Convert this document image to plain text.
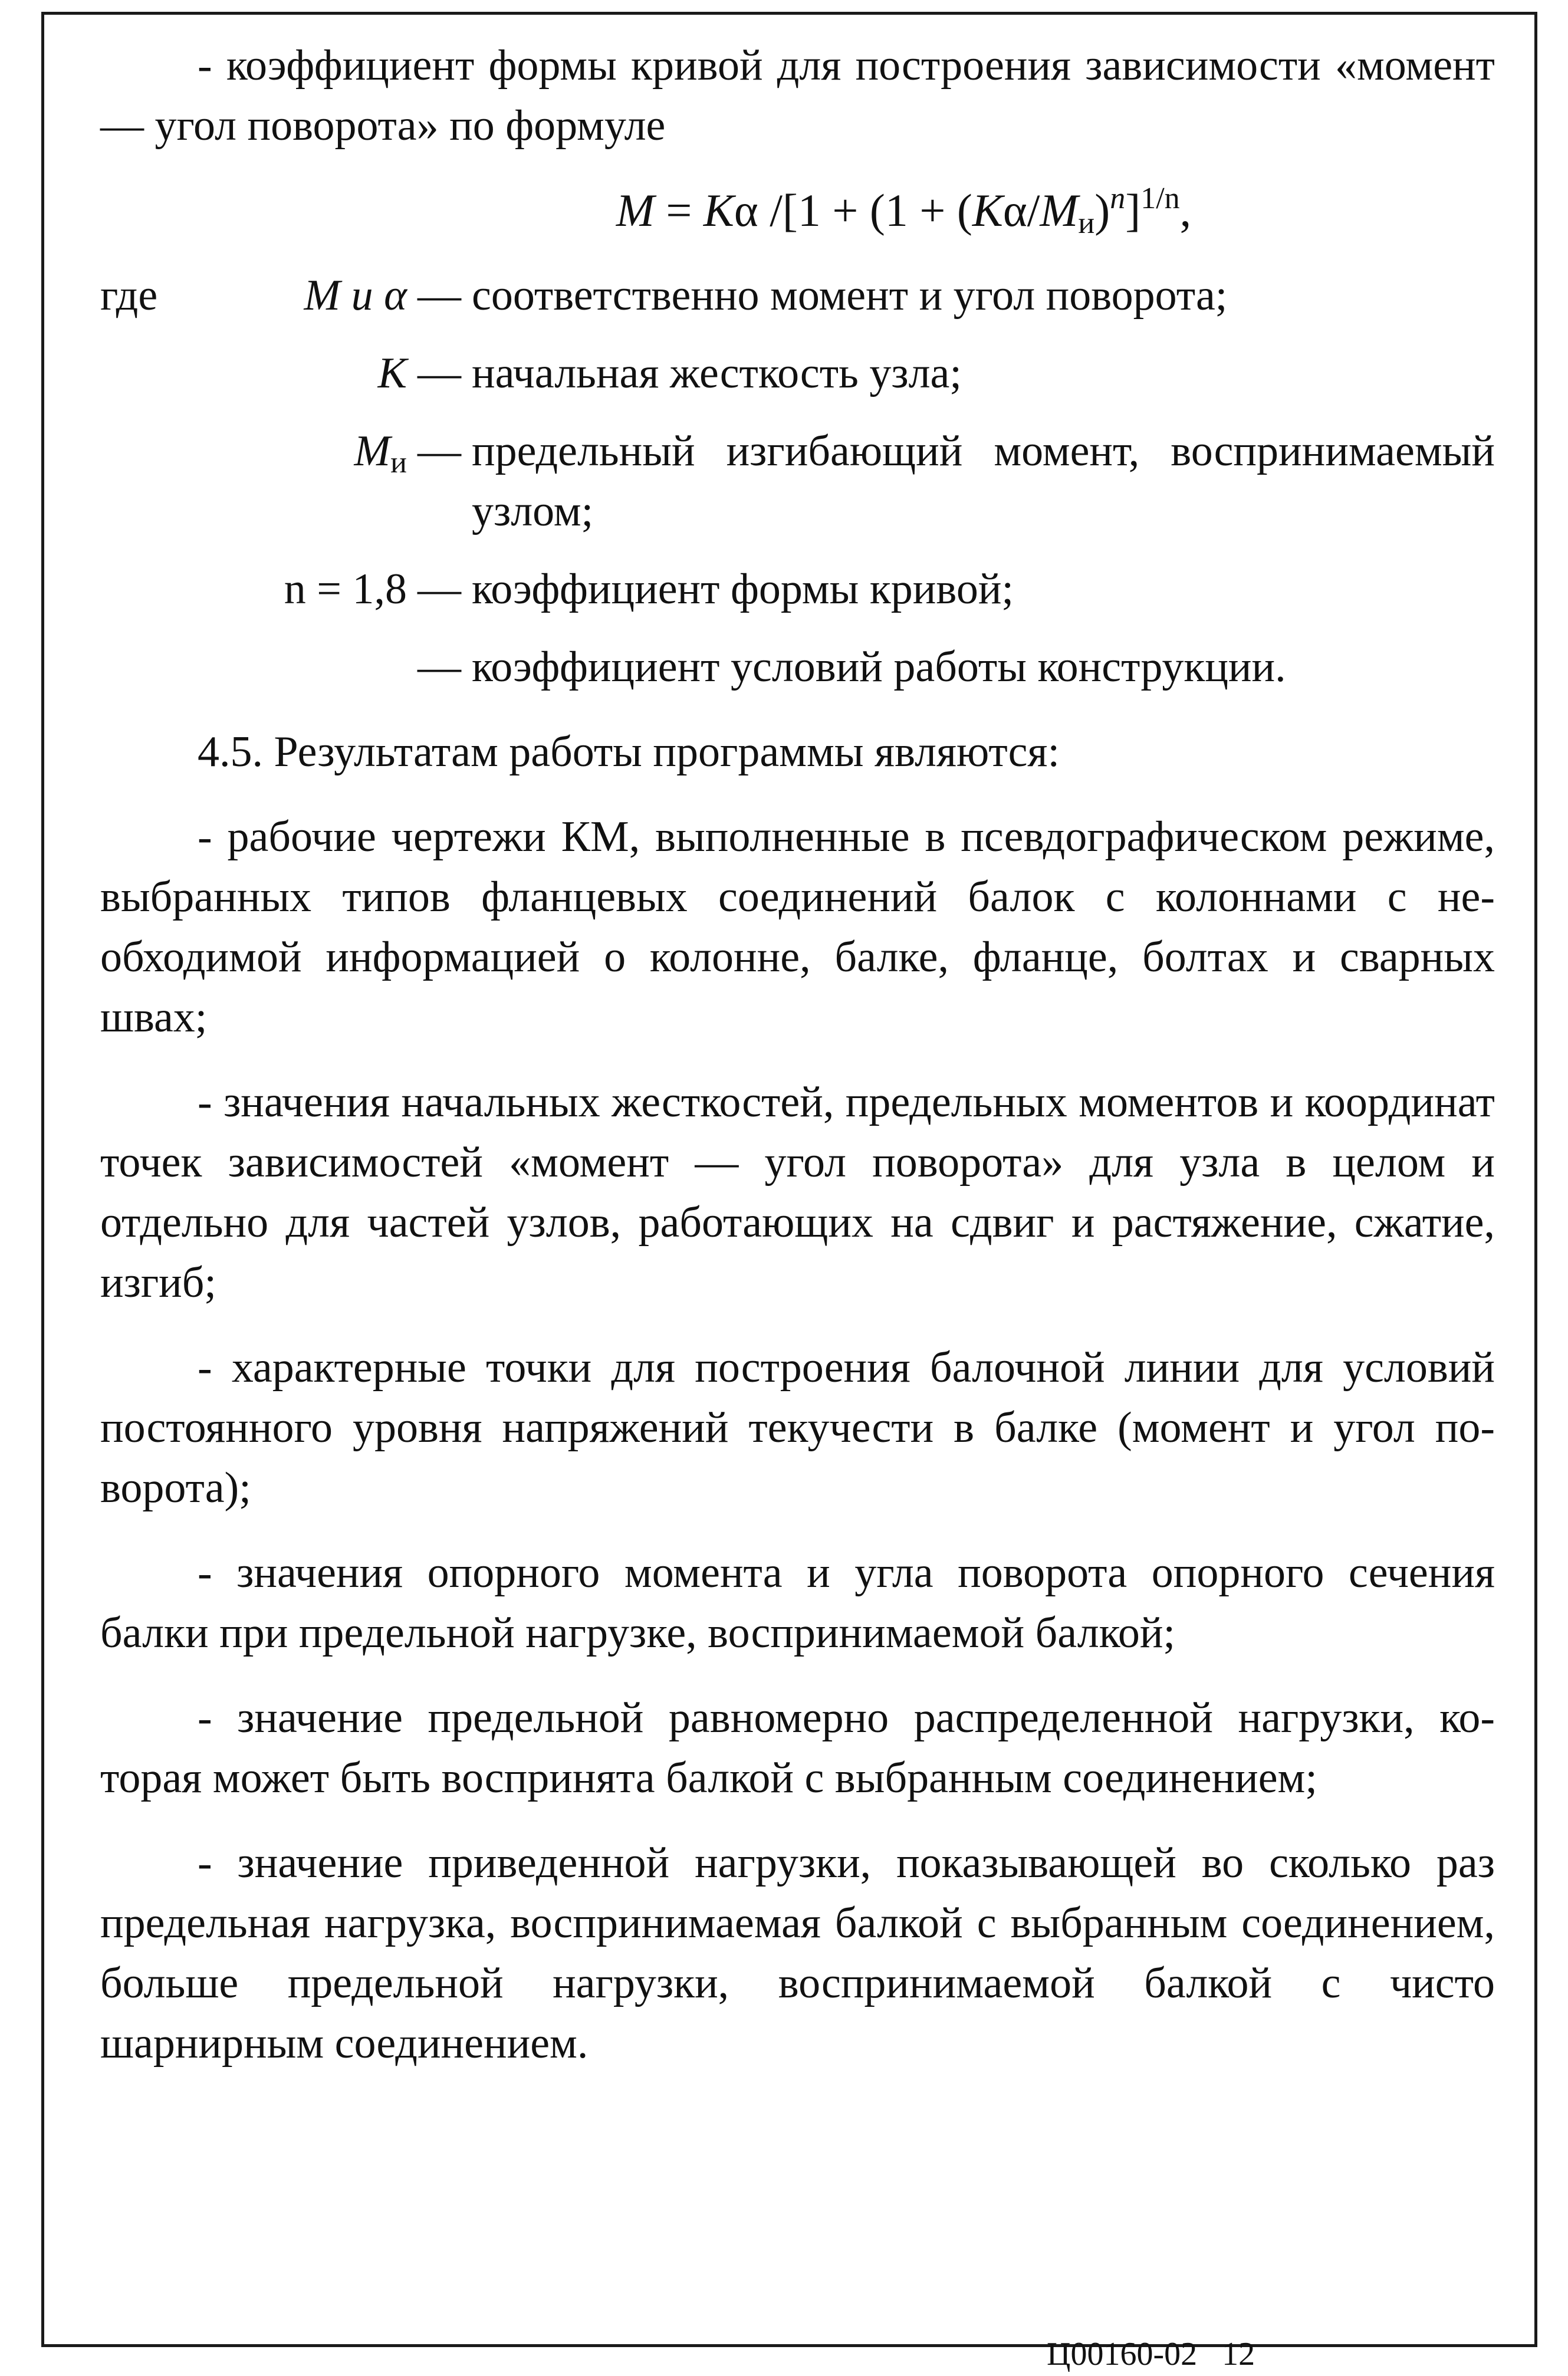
- коэффициент формы кривой для построения зависимости «момент — угол поворота» по формуле

M = Kα $/[1 + (1 + (K\alpha/M_и)^n]^{1/n}$,
где	M и α — соответственно момент и угол поворота;
K — начальная жесткость узла;
$M_и$ — предельный изгибающий момент, воспринимаемый узлом;
n = 1,8 — коэффициент формы кривой;
— коэффициент условий работы конструкции.

4.5. Результатам работы программы являются:

- рабочие чертежи КМ, выполненные в псевдографическом режиме, выбранных типов фланцевых соединений балок с колоннами с необходимой информацией о колонне, балке, фланце, болтах и сварных швах;

- значения начальных жесткостей, предельных моментов и координат точек зависимостей «момент — угол поворота» для узла в целом и отдельно для частей узлов, работающих на сдвиг и растяжение, сжатие, изгиб;

- характерные точки для построения балочной линии для условий постоянного уровня напряжений текучести в балке (момент и угол поворота);

- значения опорного момента и угла поворота опорного сечения балки при предельной нагрузке, воспринимаемой балкой;

- значение предельной равномерно распределенной нагрузки, которая может быть воспринята балкой с выбранным соединением;

- значение приведенной нагрузки, показывающей во сколько раз предельная нагрузка, воспринимаемая балкой с выбранным соединением, больше предельной нагрузки, воспринимаемой балкой с чисто шарнирным соединением.

Ц00160-02 12
